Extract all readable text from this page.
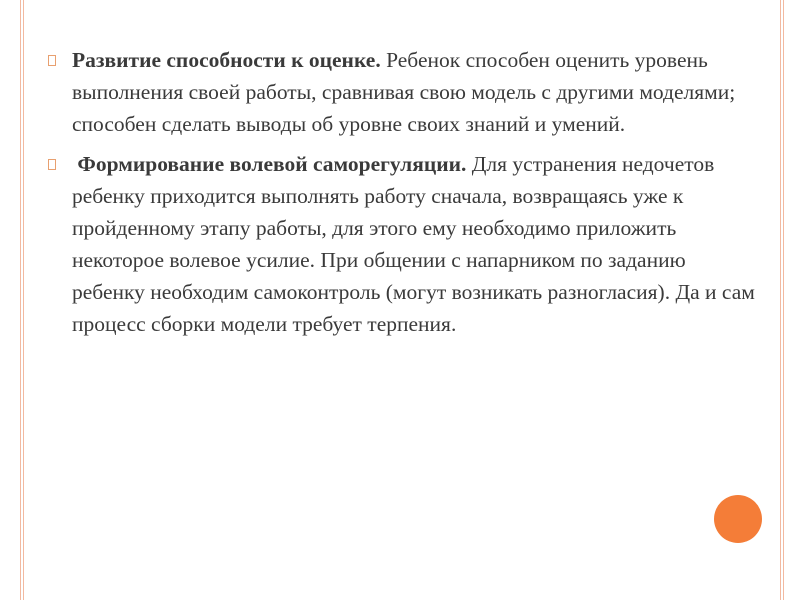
Развитие способности к оценке. Ребенок способен оценить уровень выполнения своей работы, сравнивая свою модель с другими моделями; способен сделать выводы об уровне своих знаний и умений.

Формирование волевой саморегуляции. Для устранения недочетов ребенку приходится выполнять работу сначала, возвращаясь уже к пройденному этапу работы, для этого ему необходимо приложить некоторое волевое усилие. При общении с напарником по заданию ребенку необходим самоконтроль (могут возникать разногласия). Да и сам процесс сборки модели требует терпения.
